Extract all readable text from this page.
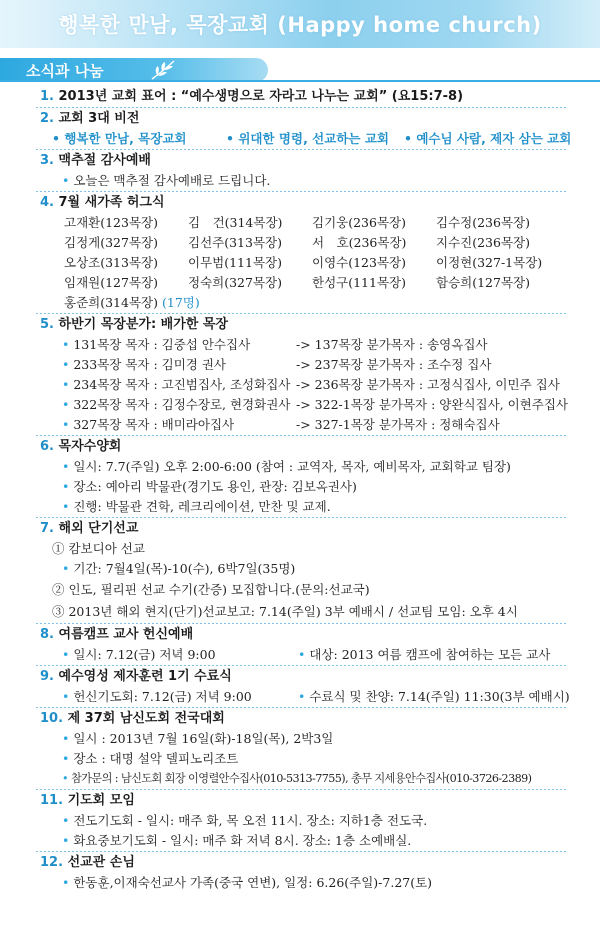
행복한 만남, 목장교회 (Happy home church)
소식과 나눔
1. 2013년 교회 표어 : “예수생명으로 자라고 나누는 교회” (요15:7-8)
2. 교회 3대 비전
• 행복한 만남, 목장교회	• 위대한 명령, 선교하는 교회 • 예수님 사람, 제자 삼는 교회
3. 맥추절 감사예배
• 오늘은 맥추절 감사예배로 드립니다.
4. 7월 새가족 허그식
고재환(123목장) 김　건(314목장) 김기웅(236목장) 김수정(236목장)
김정게(327목장) 김선주(313목장) 서　호(236목장) 지수진(236목장)
오상조(313목장) 이무범(111목장) 이영수(123목장) 이정현(327-1목장)
임재원(127목장) 정숙희(327목장) 한성구(111목장) 함승희(127목장)
홍준희(314목장) (17명)
5. 하반기 목장분가: 배가한 목장
• 131목장 목자 : 김중섭 안수집사	-> 137목장 분가목자 : 송영옥집사
• 233목장 목자 : 김미경 권사	-> 237목장 분가목자 : 조수정 집사
• 234목장 목자 : 고진범집사, 조성화집사 -> 236목장 분가목자 : 고정식집사, 이민주 집사
• 322목장 목자 : 김정수장로, 현경화권사 -> 322-1목장 분가목자 : 양완식집사, 이현주집사
• 327목장 목자 : 배미라아집사	-> 327-1목장 분가목자 : 정해숙집사
6. 목자수양회
• 일시: 7.7(주일) 오후 2:00-6:00 (참여 : 교역자, 목자, 예비목자, 교회학교 팀장)
• 장소: 예아리 박물관(경기도 용인, 관장: 김보옥권사)
• 진행: 박물관 견학, 레크리에이션, 만찬 및 교제.
7. 해외 단기선교
① 캄보디아 선교
• 기간: 7월4일(목)-10(수), 6박7일(35명)
② 인도, 필리핀 선교 수기(간증) 모집합니다.(문의:선교국)
③ 2013년 해외 현지(단기)선교보고: 7.14(주일) 3부 예배시 / 선교팀 모임: 오후 4시
8. 여름캠프 교사 헌신예배
• 일시: 7.12(금) 저녁 9:00	• 대상: 2013 여름 캠프에 참여하는 모든 교사
9. 예수영성 제자훈련 1기 수료식
• 헌신기도회: 7.12(금) 저녁 9:00	• 수료식 및 찬양: 7.14(주일) 11:30(3부 예배시)
10. 제 37회 남신도회 전국대회
• 일시 : 2013년 7월 16일(화)-18일(목), 2박3일
• 장소 : 대명 설악 델피노리조트
• 참가문의 : 남신도회 회장 이영렬안수집사(010-5313-7755), 총무 지세용안수집사(010-3726-2389)
11. 기도회 모임
• 전도기도회 - 일시: 매주 화, 목 오전 11시. 장소: 지하1층 전도국.
• 화요중보기도회 - 일시: 매주 화 저녁 8시. 장소: 1층 소예배실.
12. 선교관 손님
• 한동훈,이재숙선교사 가족(중국 연변), 일정: 6.26(주일)-7.27(토)
